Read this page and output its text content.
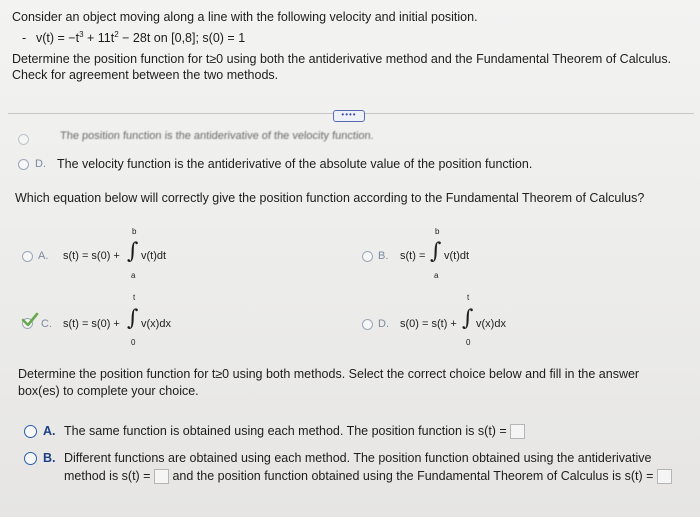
Consider an object moving along a line with the following velocity and initial position.
- $v(t) = -t^3 + 11t^2 - 28t$ on [0,8]; s(0) = 1
Determine the position function for t≥0 using both the antiderivative method and the Fundamental Theorem of Calculus.
Check for agreement between the two methods.
••••
The position function is the antiderivative of the velocity function.
D. The velocity function is the antiderivative of the absolute value of the position function.
Which equation below will correctly give the position function according to the Fundamental Theorem of Calculus?
A. s(t) = s(0) +
b
∫
a
v(t)dt	B. s(t) =
b
∫
a
v(t)dt
C. s(t) = s(0) +
t
∫
0
v(x)dx	D. s(0) = s(t) +
t
∫
0
v(x)dx
Determine the position function for t≥0 using both methods. Select the correct choice below and fill in the answer
box(es) to complete your choice.
A. The same function is obtained using each method. The position function is s(t) =
B. Different functions are obtained using each method. The position function obtained using the antiderivative
method is s(t) = and the position function obtained using the Fundamental Theorem of Calculus is s(t) =
